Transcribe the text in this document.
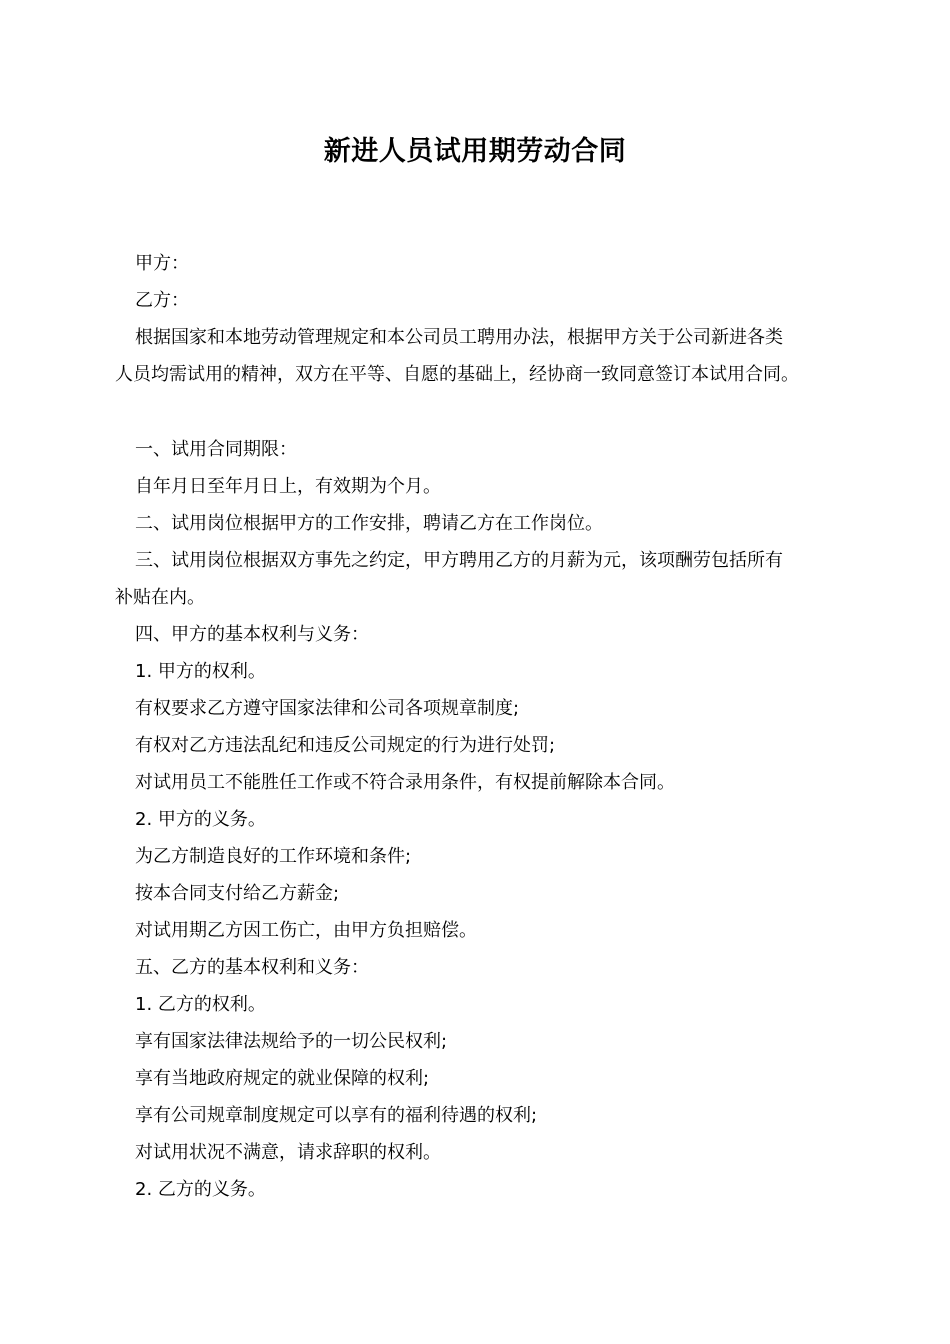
新进人员试用期劳动合同
甲方：
乙方：
根据国家和本地劳动管理规定和本公司员工聘用办法，根据甲方关于公司新进各类
人员均需试用的精神，双方在平等、自愿的基础上，经协商一致同意签订本试用合同。
一、试用合同期限：
自年月日至年月日上，有效期为个月。
二、试用岗位根据甲方的工作安排，聘请乙方在工作岗位。
三、试用岗位根据双方事先之约定，甲方聘用乙方的月薪为元，该项酬劳包括所有
补贴在内。
四、甲方的基本权利与义务：
1. 甲方的权利。
有权要求乙方遵守国家法律和公司各项规章制度;
有权对乙方违法乱纪和违反公司规定的行为进行处罚;
对试用员工不能胜任工作或不符合录用条件，有权提前解除本合同。
2. 甲方的义务。
为乙方制造良好的工作环境和条件;
按本合同支付给乙方薪金;
对试用期乙方因工伤亡，由甲方负担赔偿。
五、乙方的基本权利和义务：
1. 乙方的权利。
享有国家法律法规给予的一切公民权利;
享有当地政府规定的就业保障的权利;
享有公司规章制度规定可以享有的福利待遇的权利;
对试用状况不满意，请求辞职的权利。
2. 乙方的义务。
